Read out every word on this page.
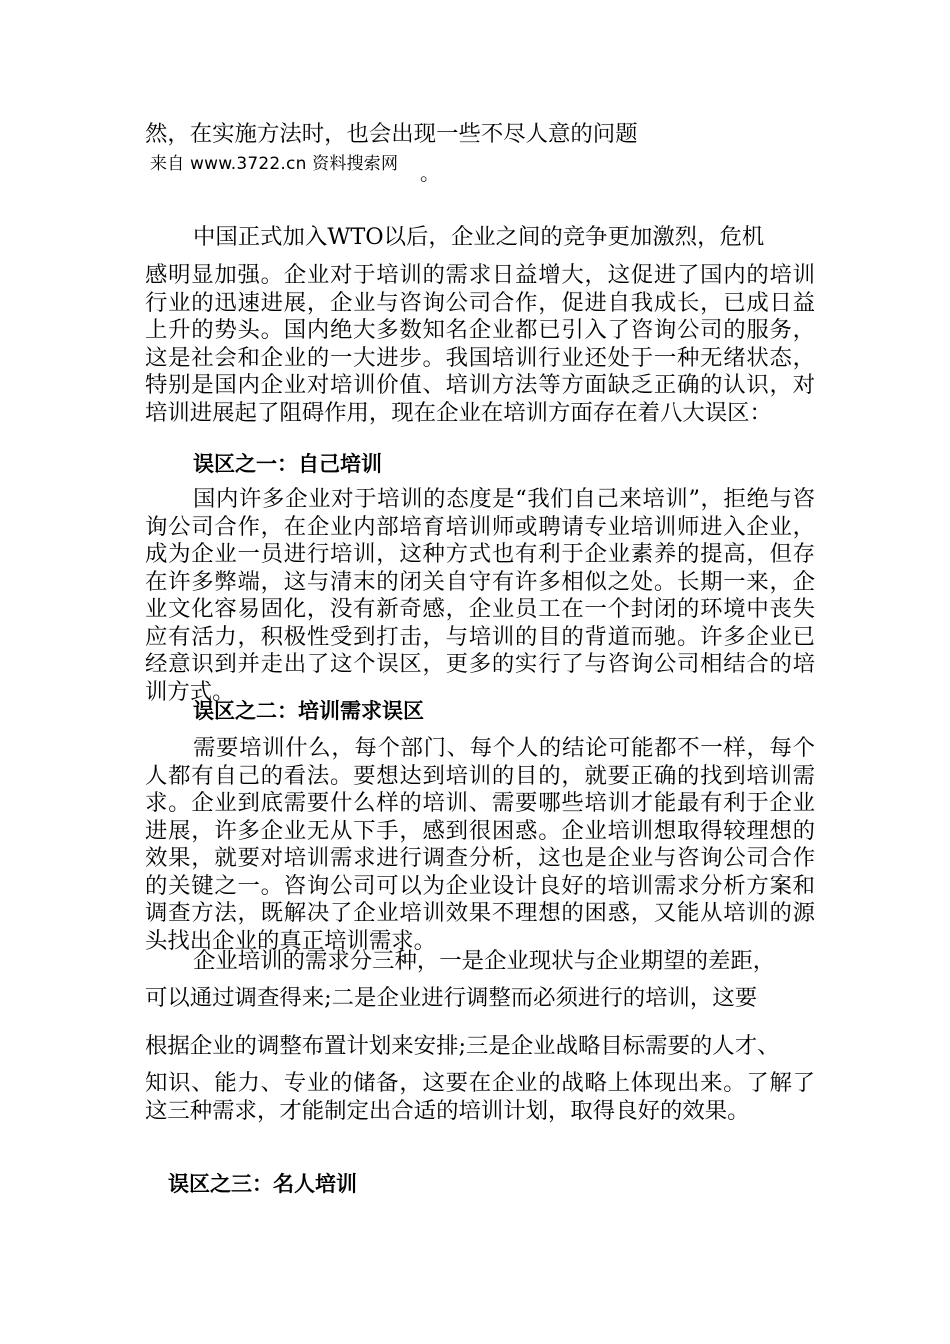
然，在实施方法时，也会出现一些不尽人意的问题

来自 www.3722.cn 资料搜索网 。

中国正式加入WTO以后，企业之间的竞争更加激烈，危机

感明显加强。企业对于培训的需求日益增大，这促进了国内的培训行业的迅速进展，企业与咨询公司合作，促进自我成长，已成日益上升的势头。国内绝大多数知名企业都已引入了咨询公司的服务，这是社会和企业的一大进步。我国培训行业还处于一种无绪状态，特别是国内企业对培训价值、培训方法等方面缺乏正确的认识，对培训进展起了阻碍作用，现在企业在培训方面存在着八大误区：

误区之一：自己培训

国内许多企业对于培训的态度是“我们自己来培训”，拒绝与咨询公司合作，在企业内部培育培训师或聘请专业培训师进入企业，成为企业一员进行培训，这种方式也有利于企业素养的提高，但存在许多弊端，这与清末的闭关自守有许多相似之处。长期一来，企业文化容易固化，没有新奇感，企业员工在一个封闭的环境中丧失应有活力，积极性受到打击，与培训的目的背道而驰。许多企业已经意识到并走出了这个误区，更多的实行了与咨询公司相结合的培训方式。

误区之二：培训需求误区

需要培训什么，每个部门、每个人的结论可能都不一样，每个人都有自己的看法。要想达到培训的目的，就要正确的找到培训需求。企业到底需要什么样的培训、需要哪些培训才能最有利于企业进展，许多企业无从下手，感到很困惑。企业培训想取得较理想的效果，就要对培训需求进行调查分析，这也是企业与咨询公司合作的关键之一。咨询公司可以为企业设计良好的培训需求分析方案和调查方法，既解决了企业培训效果不理想的困惑，又能从培训的源头找出企业的真正培训需求。

企业培训的需求分三种，一是企业现状与企业期望的差距，

可以通过调查得来;二是企业进行调整而必须进行的培训，这要

根据企业的调整布置计划来安排;三是企业战略目标需要的人才、

知识、能力、专业的储备，这要在企业的战略上体现出来。了解了这三种需求，才能制定出合适的培训计划，取得良好的效果。

误区之三：名人培训
